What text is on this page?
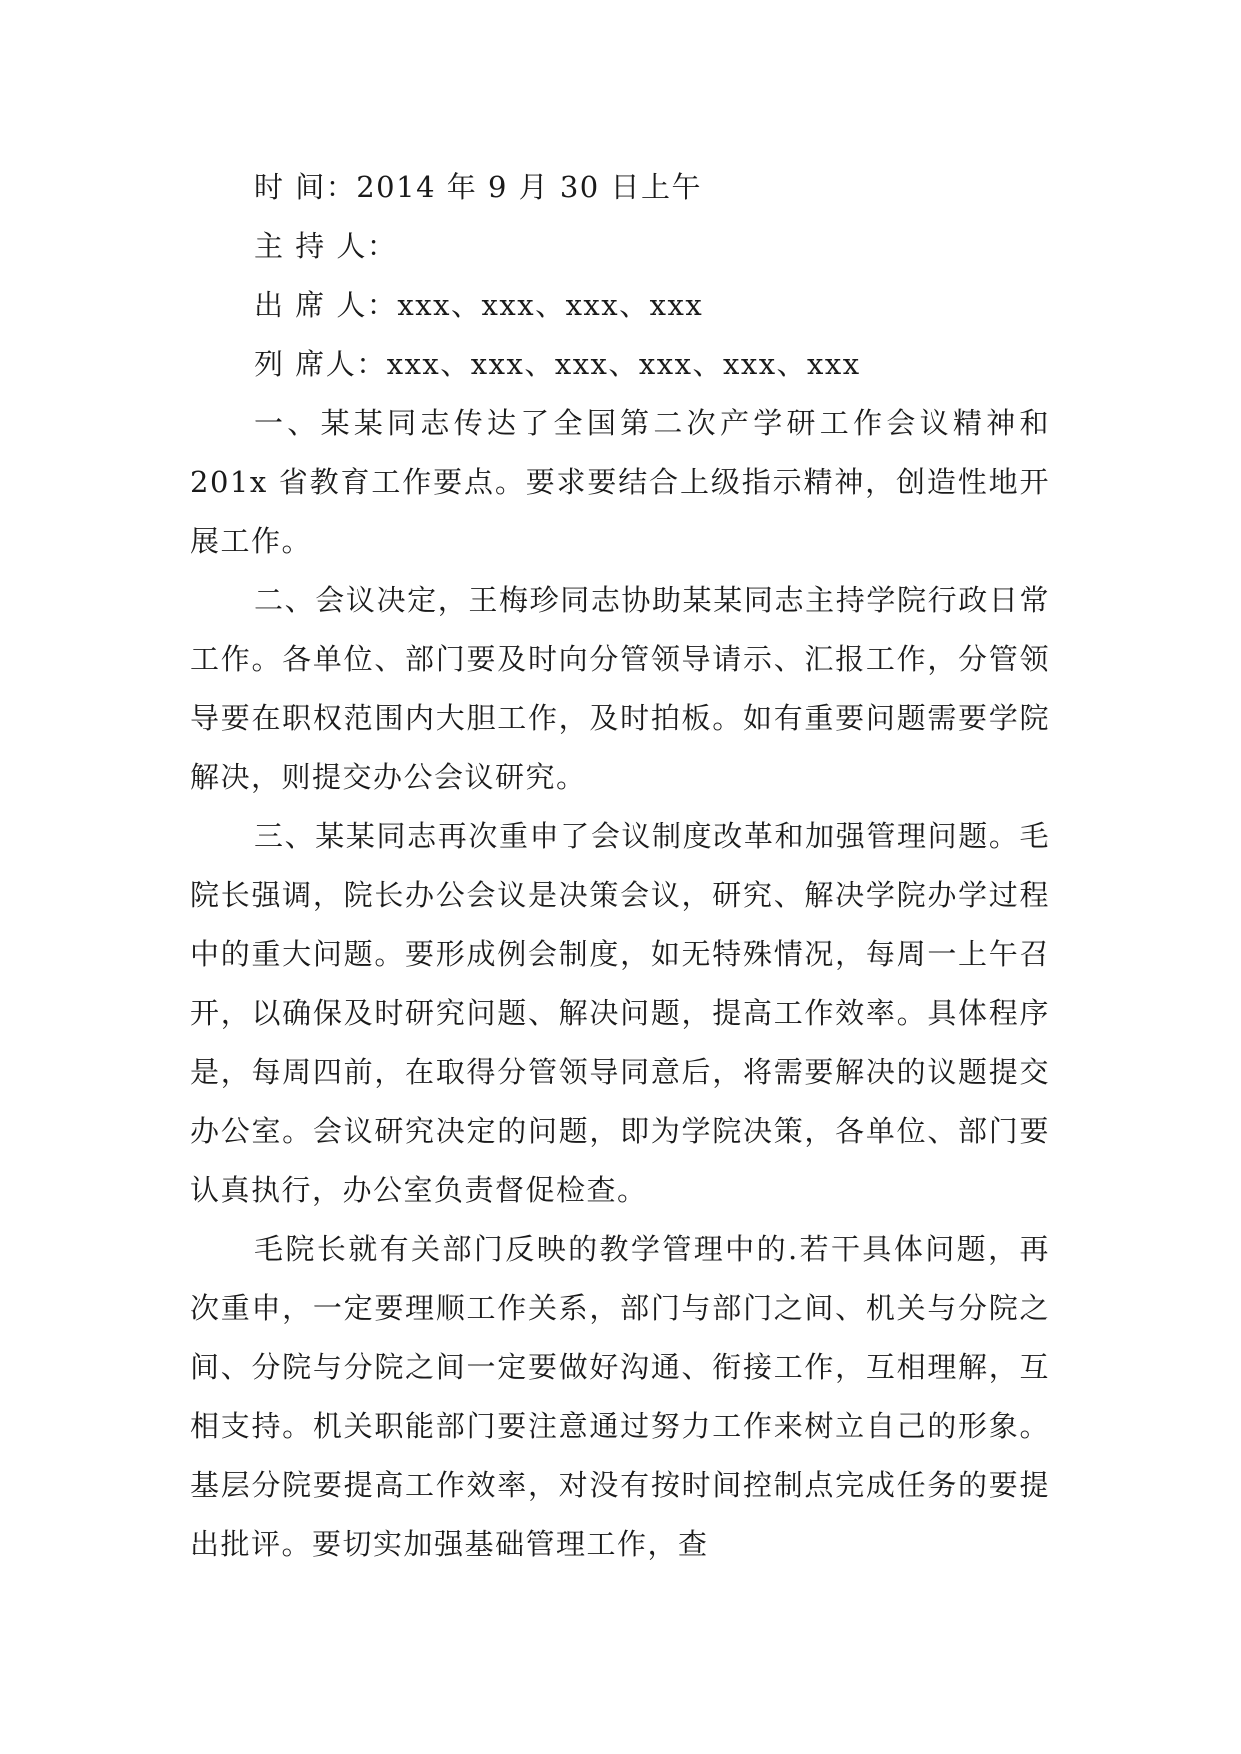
时 间：2014 年 9 月 30 日上午

主 持 人：

出 席 人：xxx、xxx、xxx、xxx

列 席人：xxx、xxx、xxx、xxx、xxx、xxx

一、某某同志传达了全国第二次产学研工作会议精神和 201x 省教育工作要点。要求要结合上级指示精神，创造性地开展工作。

二、会议决定，王梅珍同志协助某某同志主持学院行政日常工作。各单位、部门要及时向分管领导请示、汇报工作，分管领导要在职权范围内大胆工作，及时拍板。如有重要问题需要学院解决，则提交办公会议研究。

三、某某同志再次重申了会议制度改革和加强管理问题。毛院长强调，院长办公会议是决策会议，研究、解决学院办学过程中的重大问题。要形成例会制度，如无特殊情况，每周一上午召开，以确保及时研究问题、解决问题，提高工作效率。具体程序是，每周四前，在取得分管领导同意后，将需要解决的议题提交办公室。会议研究决定的问题，即为学院决策，各单位、部门要认真执行，办公室负责督促检查。

毛院长就有关部门反映的教学管理中的.若干具体问题，再次重申，一定要理顺工作关系，部门与部门之间、机关与分院之间、分院与分院之间一定要做好沟通、衔接工作，互相理解，互相支持。机关职能部门要注意通过努力工作来树立自己的形象。基层分院要提高工作效率，对没有按时间控制点完成任务的要提出批评。要切实加强基础管理工作，查
